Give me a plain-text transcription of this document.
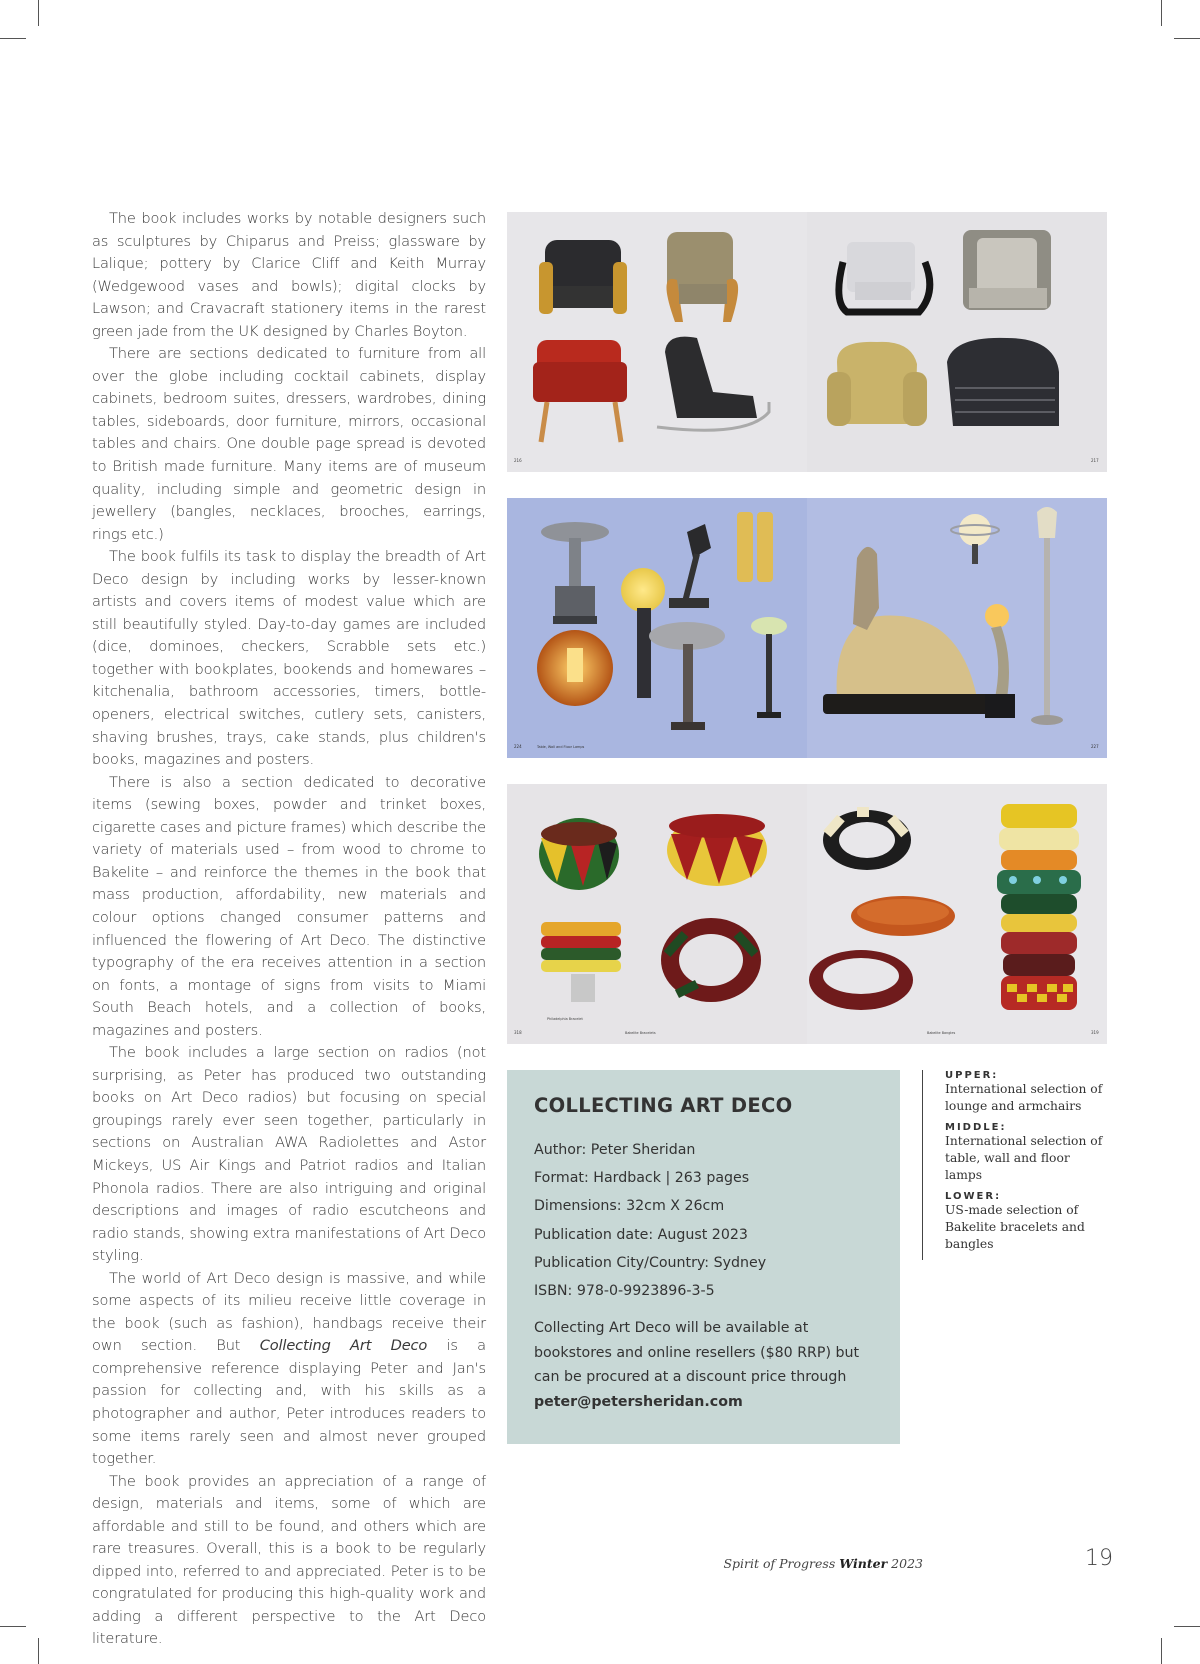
The book includes works by notable designers such as sculptures by Chiparus and Preiss; glassware by Lalique; pottery by Clarice Cliff and Keith Murray (Wedgewood vases and bowls); digital clocks by Lawson; and Cravacraft stationery items in the rarest green jade from the UK designed by Charles Boyton.

There are sections dedicated to furniture from all over the globe including cocktail cabinets, display cabinets, bedroom suites, dressers, wardrobes, dining tables, sideboards, door furniture, mirrors, occasional tables and chairs. One double page spread is devoted to British made furniture. Many items are of museum quality, including simple and geometric design in jewellery (bangles, necklaces, brooches, earrings, rings etc.)

The book fulfils its task to display the breadth of Art Deco design by including works by lesser-known artists and covers items of modest value which are still beautifully styled. Day-to-day games are included (dice, dominoes, checkers, Scrabble sets etc.) together with bookplates, bookends and homewares – kitchenalia, bathroom accessories, timers, bottle-openers, electrical switches, cutlery sets, canisters, shaving brushes, trays, cake stands, plus children's books, magazines and posters.

There is also a section dedicated to decorative items (sewing boxes, powder and trinket boxes, cigarette cases and picture frames) which describe the variety of materials used – from wood to chrome to Bakelite – and reinforce the themes in the book that mass production, affordability, new materials and colour options changed consumer patterns and influenced the flowering of Art Deco. The distinctive typography of the era receives attention in a section on fonts, a montage of signs from visits to Miami South Beach hotels, and a collection of books, magazines and posters.

The book includes a large section on radios (not surprising, as Peter has produced two outstanding books on Art Deco radios) but focusing on special groupings rarely ever seen together, particularly in sections on Australian AWA Radiolettes and Astor Mickeys, US Air Kings and Patriot radios and Italian Phonola radios. There are also intriguing and original descriptions and images of radio escutcheons and radio stands, showing extra manifestations of Art Deco styling.

The world of Art Deco design is massive, and while some aspects of its milieu receive little coverage in the book (such as fashion), handbags receive their own section. But Collecting Art Deco is a comprehensive reference displaying Peter and Jan's passion for collecting and, with his skills as a photographer and author, Peter introduces readers to some items rarely seen and almost never grouped together.

The book provides an appreciation of a range of design, materials and items, some of which are affordable and still to be found, and others which are rare treasures. Overall, this is a book to be regularly dipped into, referred to and appreciated. Peter is to be congratulated for producing this high-quality work and adding a different perspective to the Art Deco literature.

216	217
224	Table, Wall and Floor Lamps	227
318
Philadelphia Bracelet
Bakelite Bracelets	Bakelite Bangles	319
COLLECTING ART DECO
Author: Peter Sheridan
Format: Hardback | 263 pages
Dimensions: 32cm X 26cm
Publication date: August 2023
Publication City/Country: Sydney
ISBN: 978-0-9923896-3-5
Collecting Art Deco will be available at bookstores and online resellers ($80 RRP) but can be procured at a discount price through peter@petersheridan.com
UPPER:
International selection of lounge and armchairs
MIDDLE:
International selection of table, wall and floor lamps
LOWER:
US-made selection of Bakelite bracelets and bangles
Spirit of Progress Winter 2023	19
